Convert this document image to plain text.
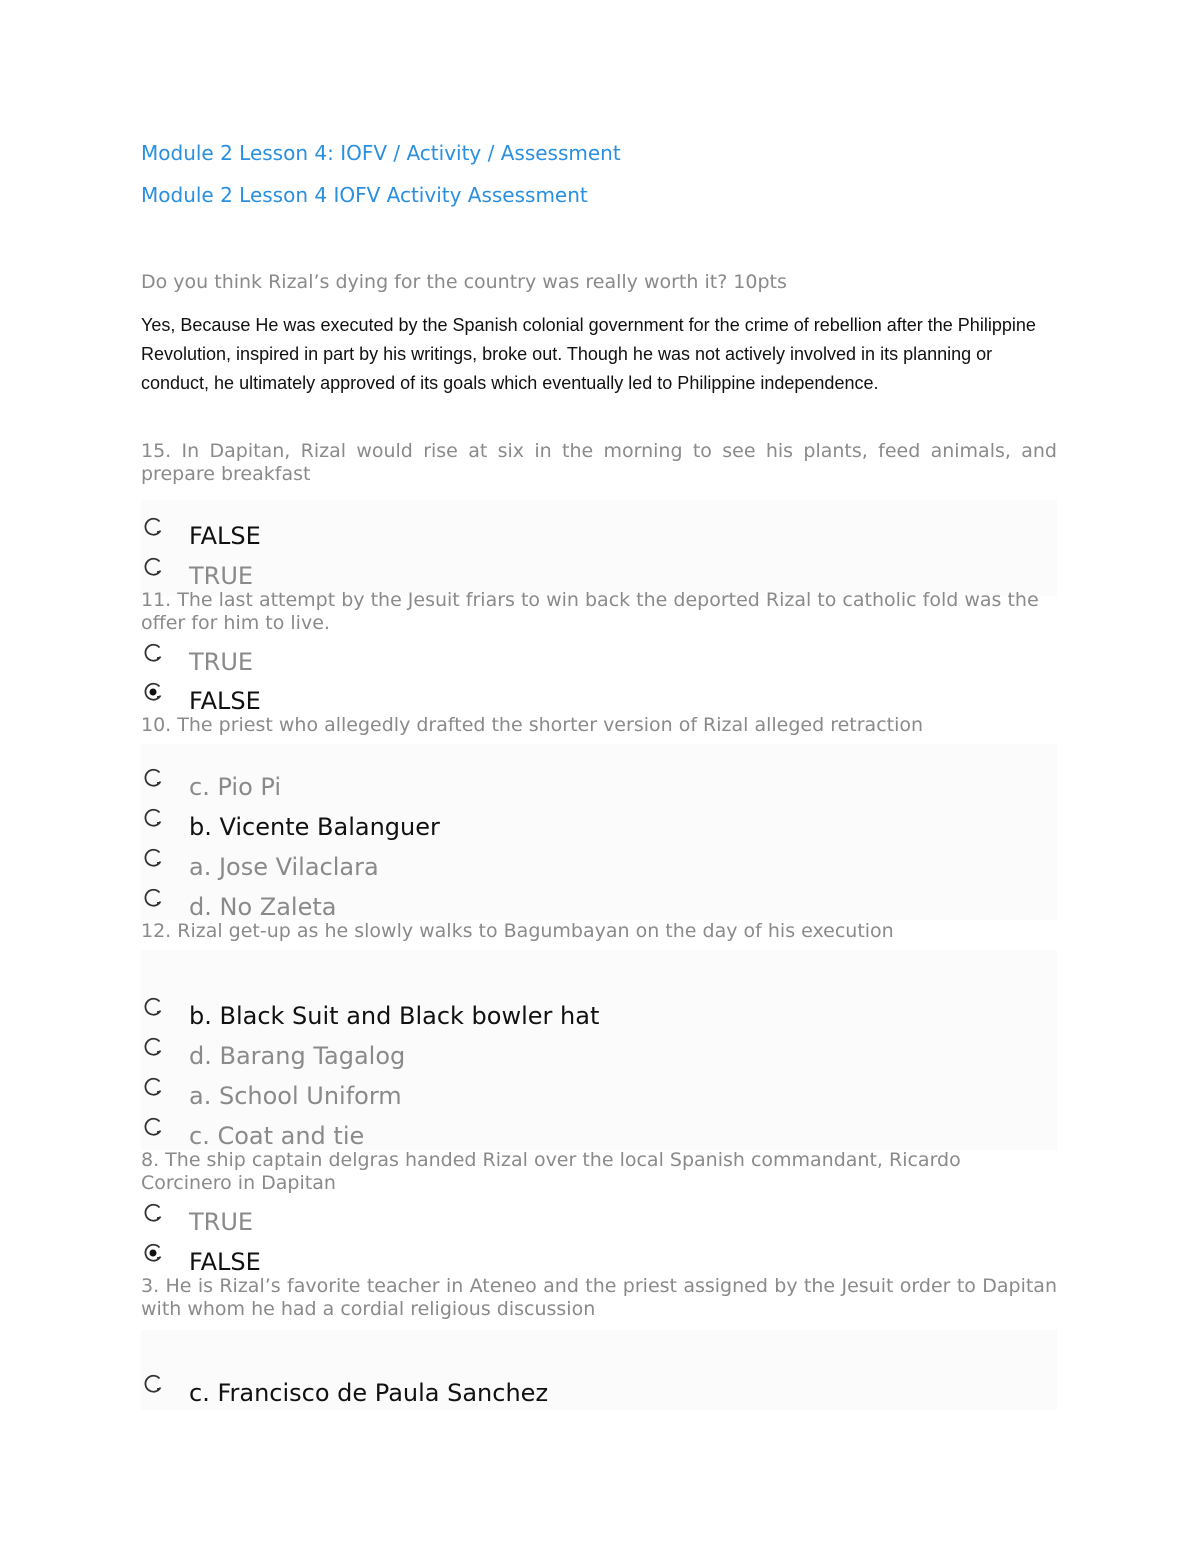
Module 2 Lesson 4: IOFV / Activity / Assessment
Module 2 Lesson 4 IOFV Activity Assessment
Do you think Rizal’s dying for the country was really worth it? 10pts
Yes, Because He was executed by the Spanish colonial government for the crime of rebellion after the Philippine Revolution, inspired in part by his writings, broke out. Though he was not actively involved in its planning or conduct, he ultimately approved of its goals which eventually led to Philippine independence.
15. In Dapitan, Rizal would rise at six in the morning to see his plants, feed animals, and prepare breakfast
FALSE
TRUE
11. The last attempt by the Jesuit friars to win back the deported Rizal to catholic fold was the offer for him to live.
TRUE
FALSE
10. The priest who allegedly drafted the shorter version of Rizal alleged retraction
c. Pio Pi
b. Vicente Balanguer
a. Jose Vilaclara
d. No Zaleta
12. Rizal get-up as he slowly walks to Bagumbayan on the day of his execution
b. Black Suit and Black bowler hat
d. Barang Tagalog
a. School Uniform
c. Coat and tie
8. The ship captain delgras handed Rizal over the local Spanish commandant, Ricardo Corcinero in Dapitan
TRUE
FALSE
3. He is Rizal’s favorite teacher in Ateneo and the priest assigned by the Jesuit order to Dapitan with whom he had a cordial religious discussion
c. Francisco de Paula Sanchez
